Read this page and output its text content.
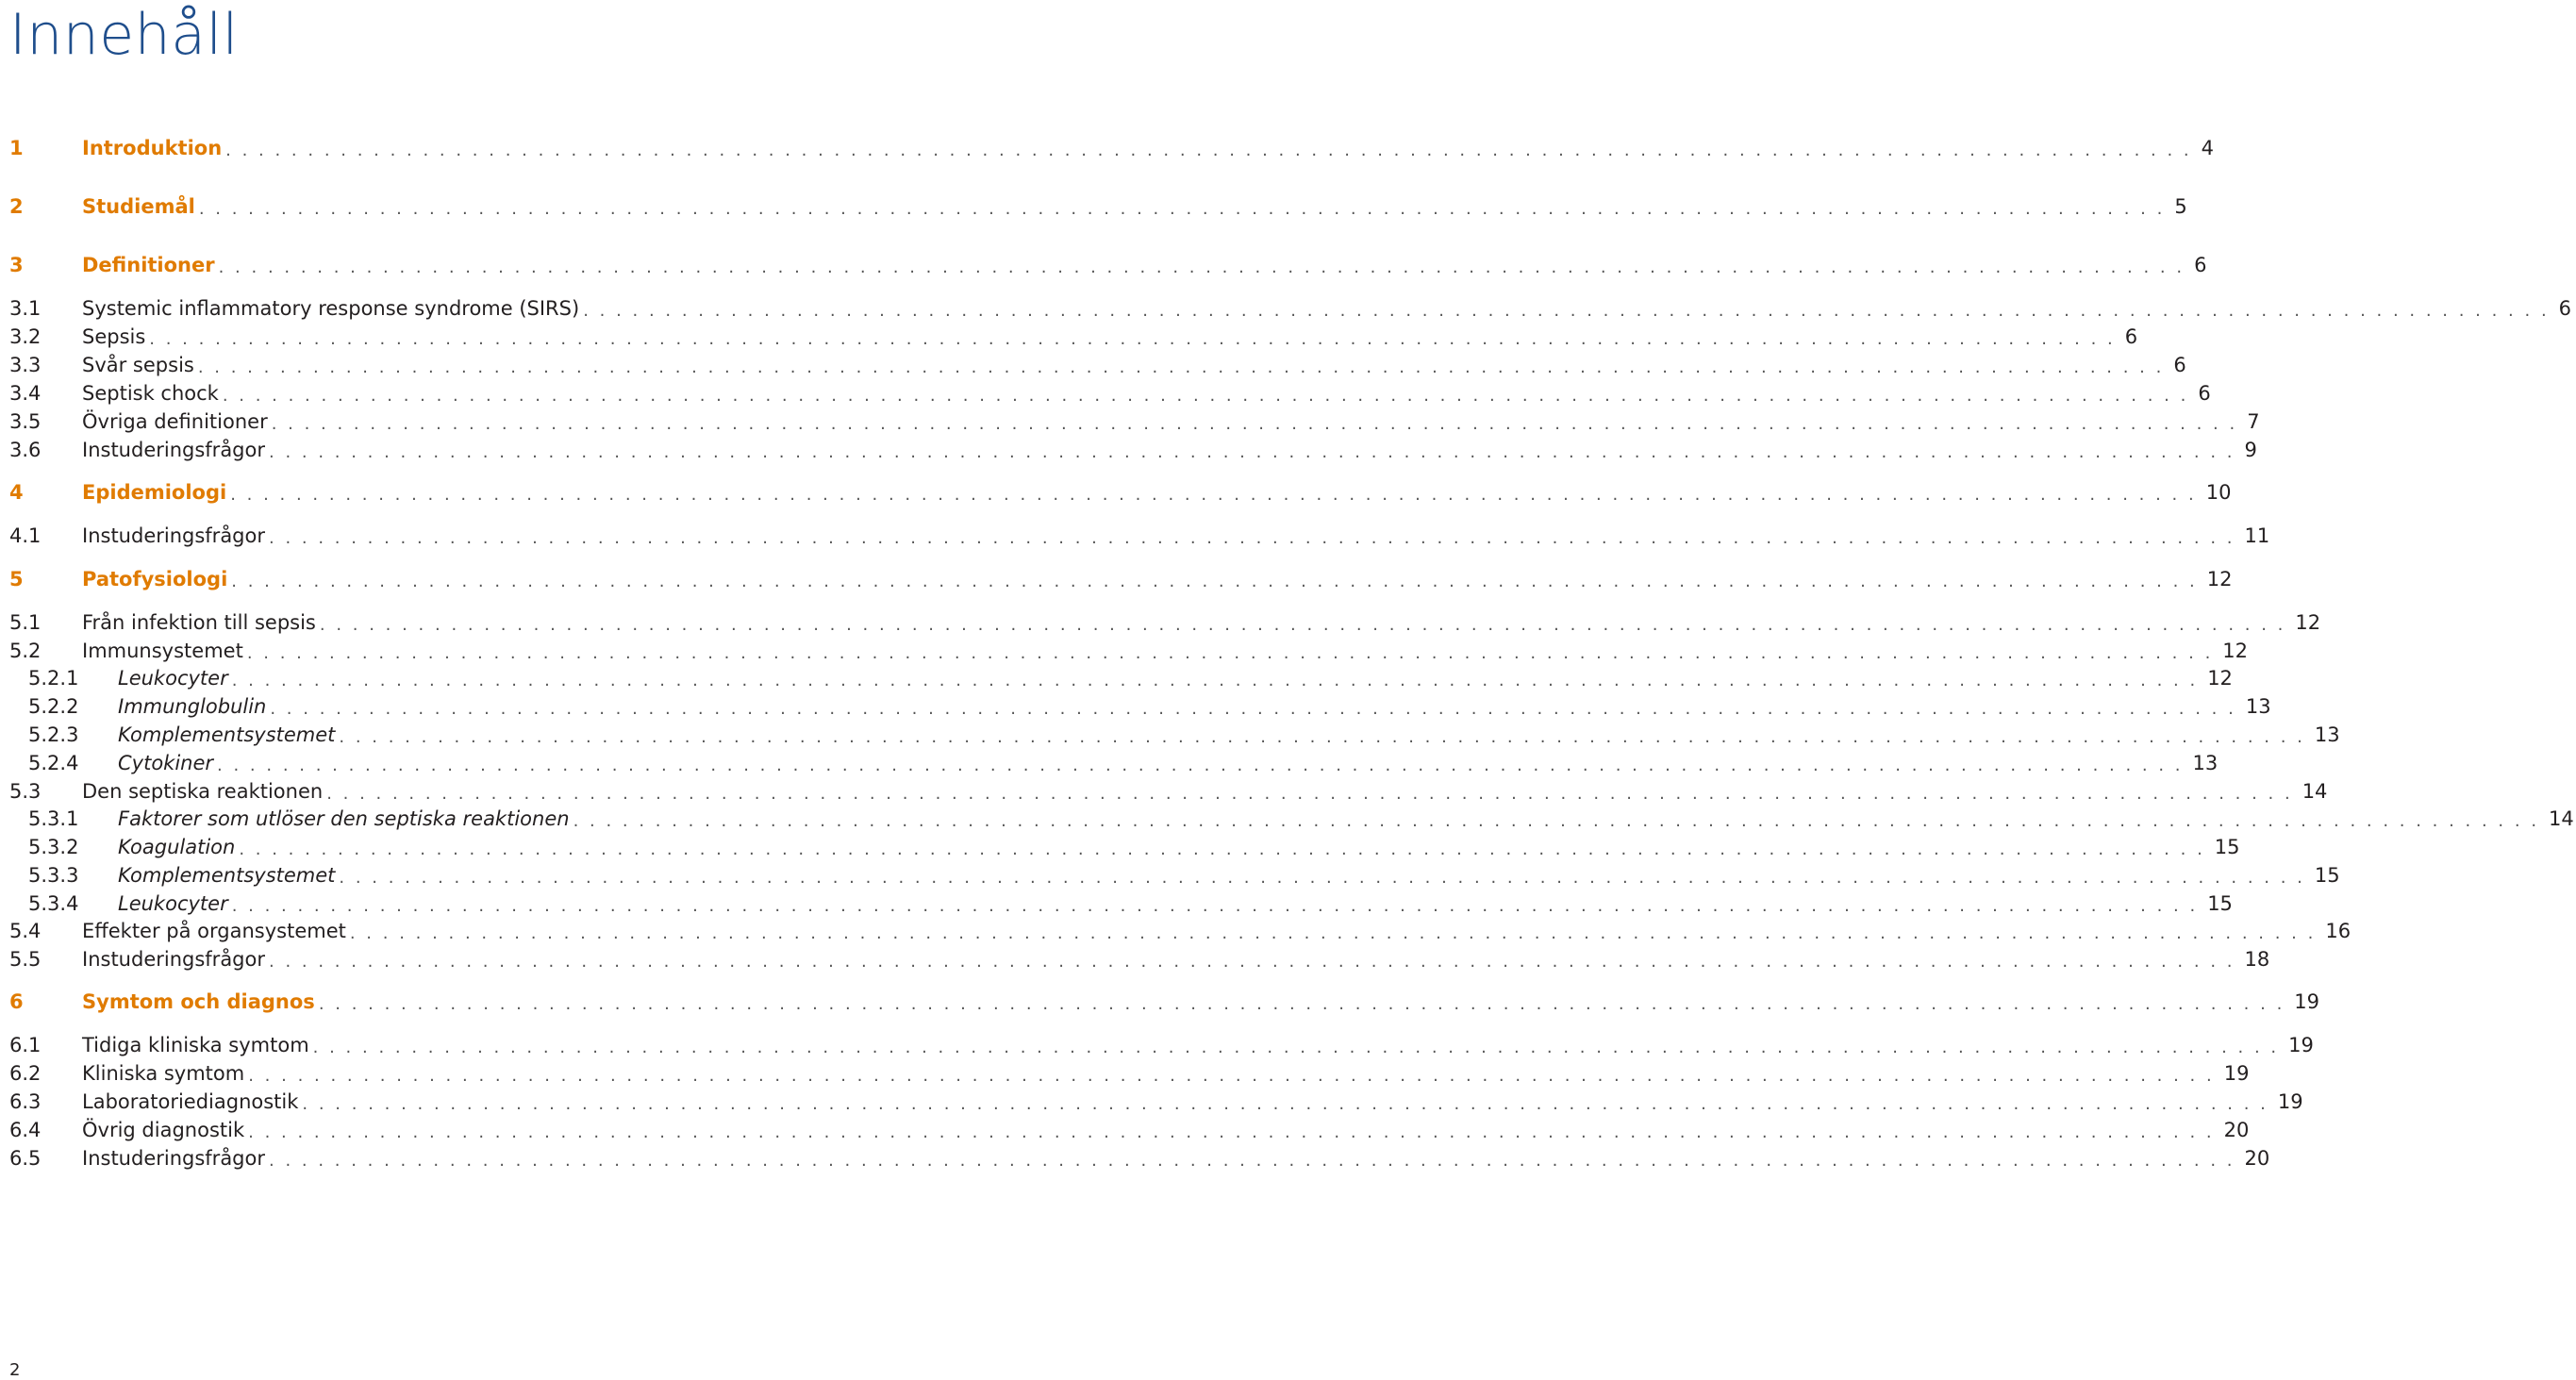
Innehåll
1	Introduktion . . . . . . . . . . . . . . . . . . . . . . . . . . . . . . . . . . . . . . . . . . . . . . . . . . . . . . . . . . . . . . . . . . . . . . . . . . . . . . . . . . . . . . . . . . . . . . . . . . . . . . . . . . . . . . . . . . . . . . . . 4
2	Studiemål . . . . . . . . . . . . . . . . . . . . . . . . . . . . . . . . . . . . . . . . . . . . . . . . . . . . . . . . . . . . . . . . . . . . . . . . . . . . . . . . . . . . . . . . . . . . . . . . . . . . . . . . . . . . . . . . . . . . . . . . 5
3	Definitioner . . . . . . . . . . . . . . . . . . . . . . . . . . . . . . . . . . . . . . . . . . . . . . . . . . . . . . . . . . . . . . . . . . . . . . . . . . . . . . . . . . . . . . . . . . . . . . . . . . . . . . . . . . . . . . . . . . . . . . . . 6
3.1	Systemic inflammatory response syndrome (SIRS) . . . . . . . . . . . . . . . . . . . . . . . . . . . . . . . . . . . . . . . . . . . . . . . . . . . . . . . . . . . . . . . . . . . . . . . . . . . . . . . . . . . . . . . . . . . . . . . . . . . . . . . . . . . . . . . . . . . . . . . . 6
3.2	Sepsis . . . . . . . . . . . . . . . . . . . . . . . . . . . . . . . . . . . . . . . . . . . . . . . . . . . . . . . . . . . . . . . . . . . . . . . . . . . . . . . . . . . . . . . . . . . . . . . . . . . . . . . . . . . . . . . . . . . . . . . . 6
3.3	Svår sepsis . . . . . . . . . . . . . . . . . . . . . . . . . . . . . . . . . . . . . . . . . . . . . . . . . . . . . . . . . . . . . . . . . . . . . . . . . . . . . . . . . . . . . . . . . . . . . . . . . . . . . . . . . . . . . . . . . . . . . . . . 6
3.4	Septisk chock . . . . . . . . . . . . . . . . . . . . . . . . . . . . . . . . . . . . . . . . . . . . . . . . . . . . . . . . . . . . . . . . . . . . . . . . . . . . . . . . . . . . . . . . . . . . . . . . . . . . . . . . . . . . . . . . . . . . . . . . 6
3.5	Övriga definitioner . . . . . . . . . . . . . . . . . . . . . . . . . . . . . . . . . . . . . . . . . . . . . . . . . . . . . . . . . . . . . . . . . . . . . . . . . . . . . . . . . . . . . . . . . . . . . . . . . . . . . . . . . . . . . . . . . . . . . . . . 7
3.6	Instuderingsfrågor . . . . . . . . . . . . . . . . . . . . . . . . . . . . . . . . . . . . . . . . . . . . . . . . . . . . . . . . . . . . . . . . . . . . . . . . . . . . . . . . . . . . . . . . . . . . . . . . . . . . . . . . . . . . . . . . . . . . . . . . 9
4	Epidemiologi . . . . . . . . . . . . . . . . . . . . . . . . . . . . . . . . . . . . . . . . . . . . . . . . . . . . . . . . . . . . . . . . . . . . . . . . . . . . . . . . . . . . . . . . . . . . . . . . . . . . . . . . . . . . . . . . . . . . . . . . 10
4.1	Instuderingsfrågor . . . . . . . . . . . . . . . . . . . . . . . . . . . . . . . . . . . . . . . . . . . . . . . . . . . . . . . . . . . . . . . . . . . . . . . . . . . . . . . . . . . . . . . . . . . . . . . . . . . . . . . . . . . . . . . . . . . . . . . . 11
5	Patofysiologi . . . . . . . . . . . . . . . . . . . . . . . . . . . . . . . . . . . . . . . . . . . . . . . . . . . . . . . . . . . . . . . . . . . . . . . . . . . . . . . . . . . . . . . . . . . . . . . . . . . . . . . . . . . . . . . . . . . . . . . . 12
5.1	Från infektion till sepsis . . . . . . . . . . . . . . . . . . . . . . . . . . . . . . . . . . . . . . . . . . . . . . . . . . . . . . . . . . . . . . . . . . . . . . . . . . . . . . . . . . . . . . . . . . . . . . . . . . . . . . . . . . . . . . . . . . . . . . . . 12
5.2	Immunsystemet . . . . . . . . . . . . . . . . . . . . . . . . . . . . . . . . . . . . . . . . . . . . . . . . . . . . . . . . . . . . . . . . . . . . . . . . . . . . . . . . . . . . . . . . . . . . . . . . . . . . . . . . . . . . . . . . . . . . . . . . 12
5.2.1	Leukocyter . . . . . . . . . . . . . . . . . . . . . . . . . . . . . . . . . . . . . . . . . . . . . . . . . . . . . . . . . . . . . . . . . . . . . . . . . . . . . . . . . . . . . . . . . . . . . . . . . . . . . . . . . . . . . . . . . . . . . . . . 12
5.2.2	Immunglobulin . . . . . . . . . . . . . . . . . . . . . . . . . . . . . . . . . . . . . . . . . . . . . . . . . . . . . . . . . . . . . . . . . . . . . . . . . . . . . . . . . . . . . . . . . . . . . . . . . . . . . . . . . . . . . . . . . . . . . . . . 13
5.2.3	Komplementsystemet . . . . . . . . . . . . . . . . . . . . . . . . . . . . . . . . . . . . . . . . . . . . . . . . . . . . . . . . . . . . . . . . . . . . . . . . . . . . . . . . . . . . . . . . . . . . . . . . . . . . . . . . . . . . . . . . . . . . . . . . 13
5.2.4	Cytokiner . . . . . . . . . . . . . . . . . . . . . . . . . . . . . . . . . . . . . . . . . . . . . . . . . . . . . . . . . . . . . . . . . . . . . . . . . . . . . . . . . . . . . . . . . . . . . . . . . . . . . . . . . . . . . . . . . . . . . . . . 13
5.3	Den septiska reaktionen . . . . . . . . . . . . . . . . . . . . . . . . . . . . . . . . . . . . . . . . . . . . . . . . . . . . . . . . . . . . . . . . . . . . . . . . . . . . . . . . . . . . . . . . . . . . . . . . . . . . . . . . . . . . . . . . . . . . . . . . 14
5.3.1	Faktorer som utlöser den septiska reaktionen . . . . . . . . . . . . . . . . . . . . . . . . . . . . . . . . . . . . . . . . . . . . . . . . . . . . . . . . . . . . . . . . . . . . . . . . . . . . . . . . . . . . . . . . . . . . . . . . . . . . . . . . . . . . . . . . . . . . . . . . 14
5.3.2	Koagulation . . . . . . . . . . . . . . . . . . . . . . . . . . . . . . . . . . . . . . . . . . . . . . . . . . . . . . . . . . . . . . . . . . . . . . . . . . . . . . . . . . . . . . . . . . . . . . . . . . . . . . . . . . . . . . . . . . . . . . . . 15
5.3.3	Komplementsystemet . . . . . . . . . . . . . . . . . . . . . . . . . . . . . . . . . . . . . . . . . . . . . . . . . . . . . . . . . . . . . . . . . . . . . . . . . . . . . . . . . . . . . . . . . . . . . . . . . . . . . . . . . . . . . . . . . . . . . . . . 15
5.3.4	Leukocyter . . . . . . . . . . . . . . . . . . . . . . . . . . . . . . . . . . . . . . . . . . . . . . . . . . . . . . . . . . . . . . . . . . . . . . . . . . . . . . . . . . . . . . . . . . . . . . . . . . . . . . . . . . . . . . . . . . . . . . . . 15
5.4	Effekter på organsystemet . . . . . . . . . . . . . . . . . . . . . . . . . . . . . . . . . . . . . . . . . . . . . . . . . . . . . . . . . . . . . . . . . . . . . . . . . . . . . . . . . . . . . . . . . . . . . . . . . . . . . . . . . . . . . . . . . . . . . . . . 16
5.5	Instuderingsfrågor . . . . . . . . . . . . . . . . . . . . . . . . . . . . . . . . . . . . . . . . . . . . . . . . . . . . . . . . . . . . . . . . . . . . . . . . . . . . . . . . . . . . . . . . . . . . . . . . . . . . . . . . . . . . . . . . . . . . . . . . 18
6	Symtom och diagnos . . . . . . . . . . . . . . . . . . . . . . . . . . . . . . . . . . . . . . . . . . . . . . . . . . . . . . . . . . . . . . . . . . . . . . . . . . . . . . . . . . . . . . . . . . . . . . . . . . . . . . . . . . . . . . . . . . . . . . . . 19
6.1	Tidiga kliniska symtom . . . . . . . . . . . . . . . . . . . . . . . . . . . . . . . . . . . . . . . . . . . . . . . . . . . . . . . . . . . . . . . . . . . . . . . . . . . . . . . . . . . . . . . . . . . . . . . . . . . . . . . . . . . . . . . . . . . . . . . . 19
6.2	Kliniska symtom . . . . . . . . . . . . . . . . . . . . . . . . . . . . . . . . . . . . . . . . . . . . . . . . . . . . . . . . . . . . . . . . . . . . . . . . . . . . . . . . . . . . . . . . . . . . . . . . . . . . . . . . . . . . . . . . . . . . . . . . 19
6.3	Laboratoriediagnostik . . . . . . . . . . . . . . . . . . . . . . . . . . . . . . . . . . . . . . . . . . . . . . . . . . . . . . . . . . . . . . . . . . . . . . . . . . . . . . . . . . . . . . . . . . . . . . . . . . . . . . . . . . . . . . . . . . . . . . . . 19
6.4	Övrig diagnostik . . . . . . . . . . . . . . . . . . . . . . . . . . . . . . . . . . . . . . . . . . . . . . . . . . . . . . . . . . . . . . . . . . . . . . . . . . . . . . . . . . . . . . . . . . . . . . . . . . . . . . . . . . . . . . . . . . . . . . . . 20
6.5	Instuderingsfrågor . . . . . . . . . . . . . . . . . . . . . . . . . . . . . . . . . . . . . . . . . . . . . . . . . . . . . . . . . . . . . . . . . . . . . . . . . . . . . . . . . . . . . . . . . . . . . . . . . . . . . . . . . . . . . . . . . . . . . . . . 20
2
